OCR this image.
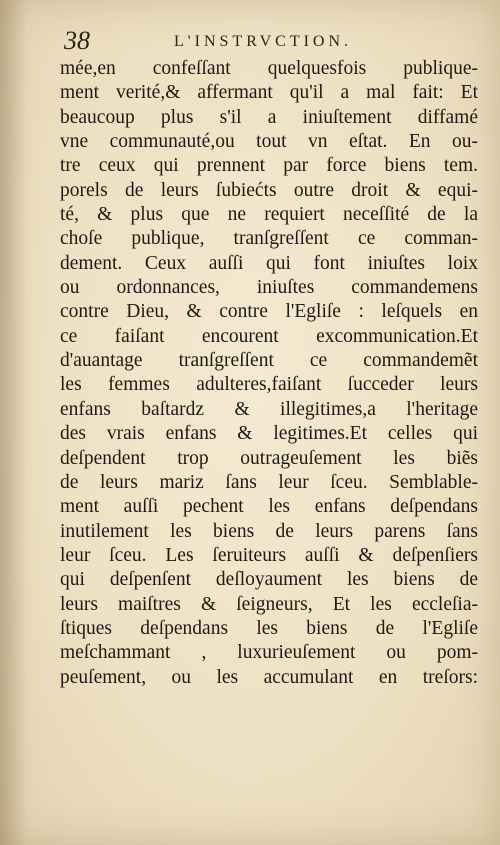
38	L'INSTRVCTION.
mée,en confeſſant quelquesfois publique-
ment verité,& affermant qu'il a mal fait: Et
beaucoup plus s'il a iniuſtement diffamé
vne communauté,ou tout vn eſtat. En ou-
tre ceux qui prennent par force biens tem.
porels de leurs ſubiećts outre droit & equi-
té, & plus que ne requiert neceſſité de la
choſe publique, tranſgreſſent ce comman-
dement. Ceux auſſi qui font iniuſtes loix
ou ordonnances, iniuſtes commandemens
contre Dieu, & contre l'Egliſe : leſquels en
ce faiſant encourent excommunication.Et
d'auantage tranſgreſſent ce commandemẽt
les femmes adulteres,faiſant ſucceder leurs
enfans baſtardz & illegitimes,a l'heritage
des vrais enfans & legitimes.Et celles qui
deſpendent trop outrageuſement les biẽs
de leurs mariz ſans leur ſceu. Semblable-
ment auſſi pechent les enfans deſpendans
inutilement les biens de leurs parens ſans
leur ſceu. Les ſeruiteurs auſſi & deſpenſiers
qui deſpenſent deſloyaument les biens de
leurs maiſtres & ſeigneurs, Et les eccleſia-
ſtiques deſpendans les biens de l'Egliſe
meſchammant , luxurieuſement ou pom-
peuſement, ou les accumulant en treſors:
